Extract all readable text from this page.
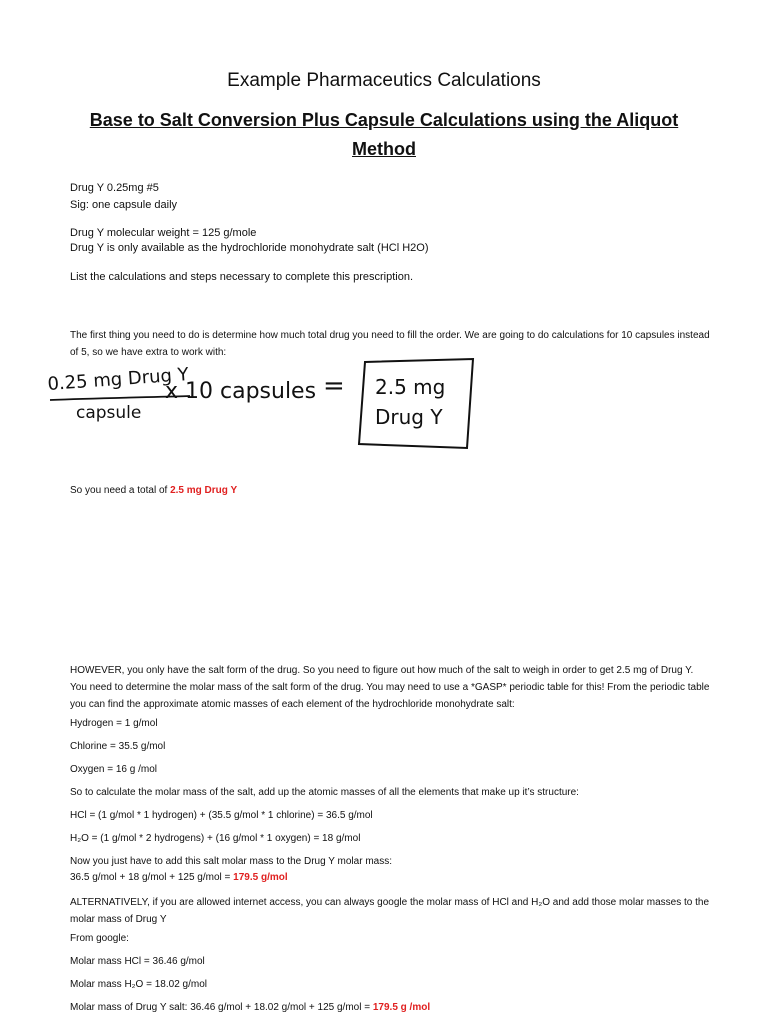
Example Pharmaceutics Calculations
Base to Salt Conversion Plus Capsule Calculations using the Aliquot Method
Drug Y 0.25mg #5
Sig: one capsule daily
Drug Y molecular weight = 125 g/mole
Drug Y is only available as the hydrochloride monohydrate salt (HCl H2O)
List the calculations and steps necessary to complete this prescription.
The first thing you need to do is determine how much total drug you need to fill the order. We are going to do calculations for 10 capsules instead of 5, so we have extra to work with:
0.25 mg Drug Y
capsule
x 10 capsules = 2.5 mg
Drug Y
So you need a total of 2.5 mg Drug Y
HOWEVER, you only have the salt form of the drug. So you need to figure out how much of the salt to weigh in order to get 2.5 mg of Drug Y. You need to determine the molar mass of the salt form of the drug. You may need to use a *GASP* periodic table for this! From the periodic table you can find the approximate atomic masses of each element of the hydrochloride monohydrate salt:
Hydrogen = 1 g/mol
Chlorine = 35.5 g/mol
Oxygen = 16 g /mol
So to calculate the molar mass of the salt, add up the atomic masses of all the elements that make up it’s structure:
HCl = (1 g/mol * 1 hydrogen) + (35.5 g/mol * 1 chlorine) = 36.5 g/mol
H₂O = (1 g/mol * 2 hydrogens) + (16 g/mol * 1 oxygen) = 18 g/mol
Now you just have to add this salt molar mass to the Drug Y molar mass:
36.5 g/mol + 18 g/mol + 125 g/mol = 179.5 g/mol
ALTERNATIVELY, if you are allowed internet access, you can always google the molar mass of HCl and H₂O and add those molar masses to the molar mass of Drug Y
From google:
Molar mass HCl = 36.46 g/mol
Molar mass H₂O = 18.02 g/mol
Molar mass of Drug Y salt: 36.46 g/mol + 18.02 g/mol + 125 g/mol = 179.5 g /mol
